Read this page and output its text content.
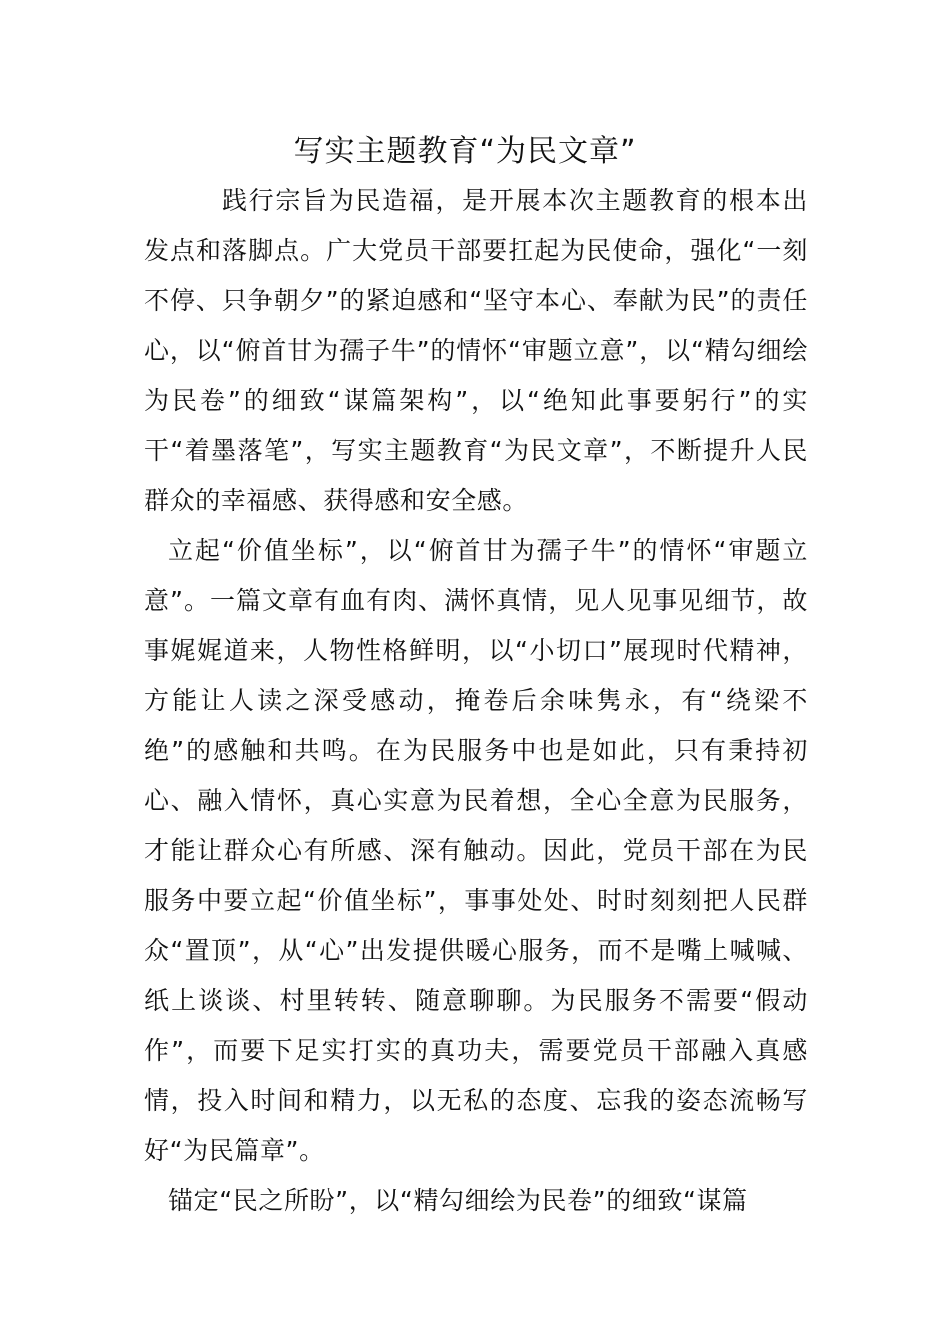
写实主题教育“为民文章”

践行宗旨为民造福，是开展本次主题教育的根本出发点和落脚点。广大党员干部要扛起为民使命，强化“一刻不停、只争朝夕”的紧迫感和“坚守本心、奉献为民”的责任心，以“俯首甘为孺子牛”的情怀“审题立意”，以“精勾细绘为民卷”的细致“谋篇架构”，以“绝知此事要躬行”的实干“着墨落笔”，写实主题教育“为民文章”，不断提升人民群众的幸福感、获得感和安全感。

立起“价值坐标”，以“俯首甘为孺子牛”的情怀“审题立意”。一篇文章有血有肉、满怀真情，见人见事见细节，故事娓娓道来，人物性格鲜明，以“小切口”展现时代精神，方能让人读之深受感动，掩卷后余味隽永，有“绕梁不绝”的感触和共鸣。在为民服务中也是如此，只有秉持初心、融入情怀，真心实意为民着想，全心全意为民服务，才能让群众心有所感、深有触动。因此，党员干部在为民服务中要立起“价值坐标”，事事处处、时时刻刻把人民群众“置顶”，从“心”出发提供暖心服务，而不是嘴上喊喊、纸上谈谈、村里转转、随意聊聊。为民服务不需要“假动作”，而要下足实打实的真功夫，需要党员干部融入真感情，投入时间和精力，以无私的态度、忘我的姿态流畅写好“为民篇章”。

锚定“民之所盼”，以“精勾细绘为民卷”的细致“谋篇
